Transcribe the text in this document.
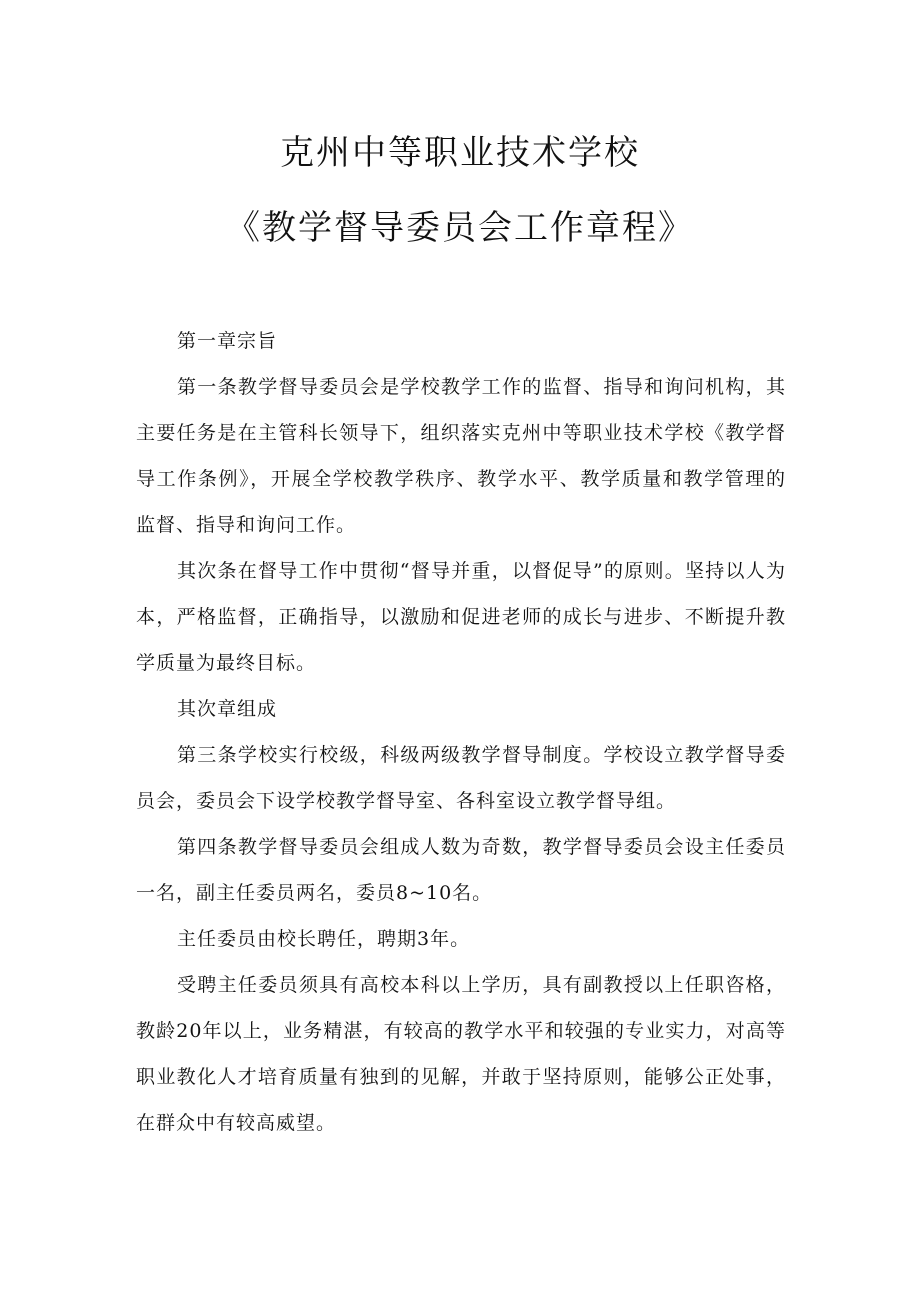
克州中等职业技术学校
《教学督导委员会工作章程》

第一章宗旨

第一条教学督导委员会是学校教学工作的监督、指导和询问机构，其主要任务是在主管科长领导下，组织落实克州中等职业技术学校《教学督导工作条例》，开展全学校教学秩序、教学水平、教学质量和教学管理的监督、指导和询问工作。

其次条在督导工作中贯彻“督导并重，以督促导”的原则。坚持以人为本，严格监督，正确指导，以激励和促进老师的成长与进步、不断提升教学质量为最终目标。

其次章组成

第三条学校实行校级，科级两级教学督导制度。学校设立教学督导委员会，委员会下设学校教学督导室、各科室设立教学督导组。

第四条教学督导委员会组成人数为奇数，教学督导委员会设主任委员一名，副主任委员两名，委员8~10名。

主任委员由校长聘任，聘期3年。

受聘主任委员须具有高校本科以上学历，具有副教授以上任职咨格，教龄20年以上，业务精湛，有较高的教学水平和较强的专业实力，对高等职业教化人才培育质量有独到的见解，并敢于坚持原则，能够公正处事，在群众中有较高威望。
